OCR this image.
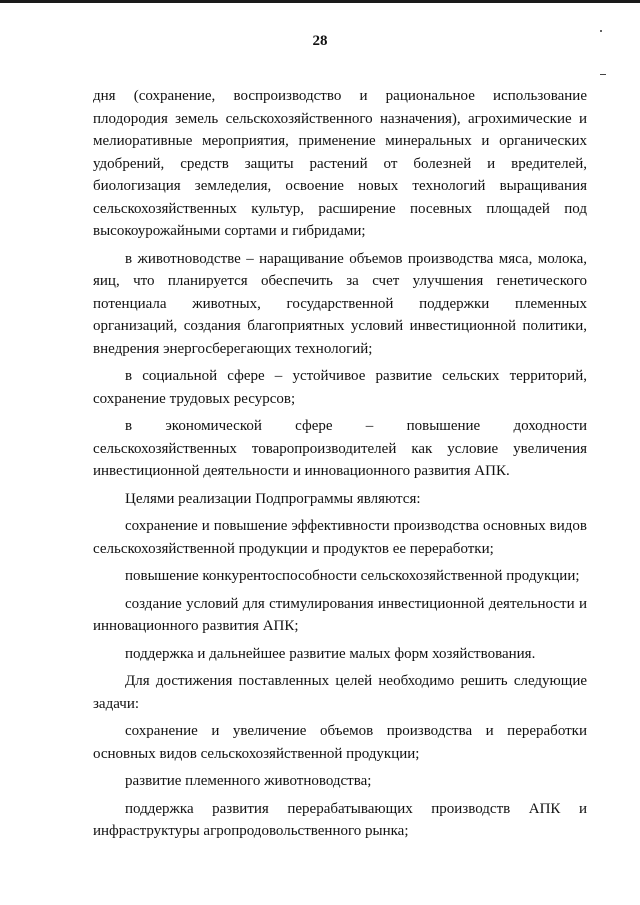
28

дня (сохранение, воспроизводство и рациональное использование плодородия земель сельскохозяйственного назначения), агрохимические и мелиоративные мероприятия, применение минеральных и органических удобрений, средств защиты растений от болезней и вредителей, биологизация земледелия, освоение новых технологий выращивания сельскохозяйственных культур, расширение посевных площадей под высокоурожайными сортами и гибридами;

в животноводстве – наращивание объемов производства мяса, молока, яиц, что планируется обеспечить за счет улучшения генетического потенциала животных, государственной поддержки племенных организаций, создания благоприятных условий инвестиционной политики, внедрения энергосберегающих технологий;

в социальной сфере – устойчивое развитие сельских территорий, сохранение трудовых ресурсов;

в экономической сфере – повышение доходности сельскохозяйственных товаропроизводителей как условие увеличения инвестиционной деятельности и инновационного развития АПК.

Целями реализации Подпрограммы являются:

сохранение и повышение эффективности производства основных видов сельскохозяйственной продукции и продуктов ее переработки;

повышение конкурентоспособности сельскохозяйственной продукции;

создание условий для стимулирования инвестиционной деятельности и инновационного развития АПК;

поддержка и дальнейшее развитие малых форм хозяйствования.

Для достижения поставленных целей необходимо решить следующие задачи:

сохранение и увеличение объемов производства и переработки основных видов сельскохозяйственной продукции;

развитие племенного животноводства;

поддержка развития перерабатывающих производств АПК и инфраструктуры агропродовольственного рынка;
